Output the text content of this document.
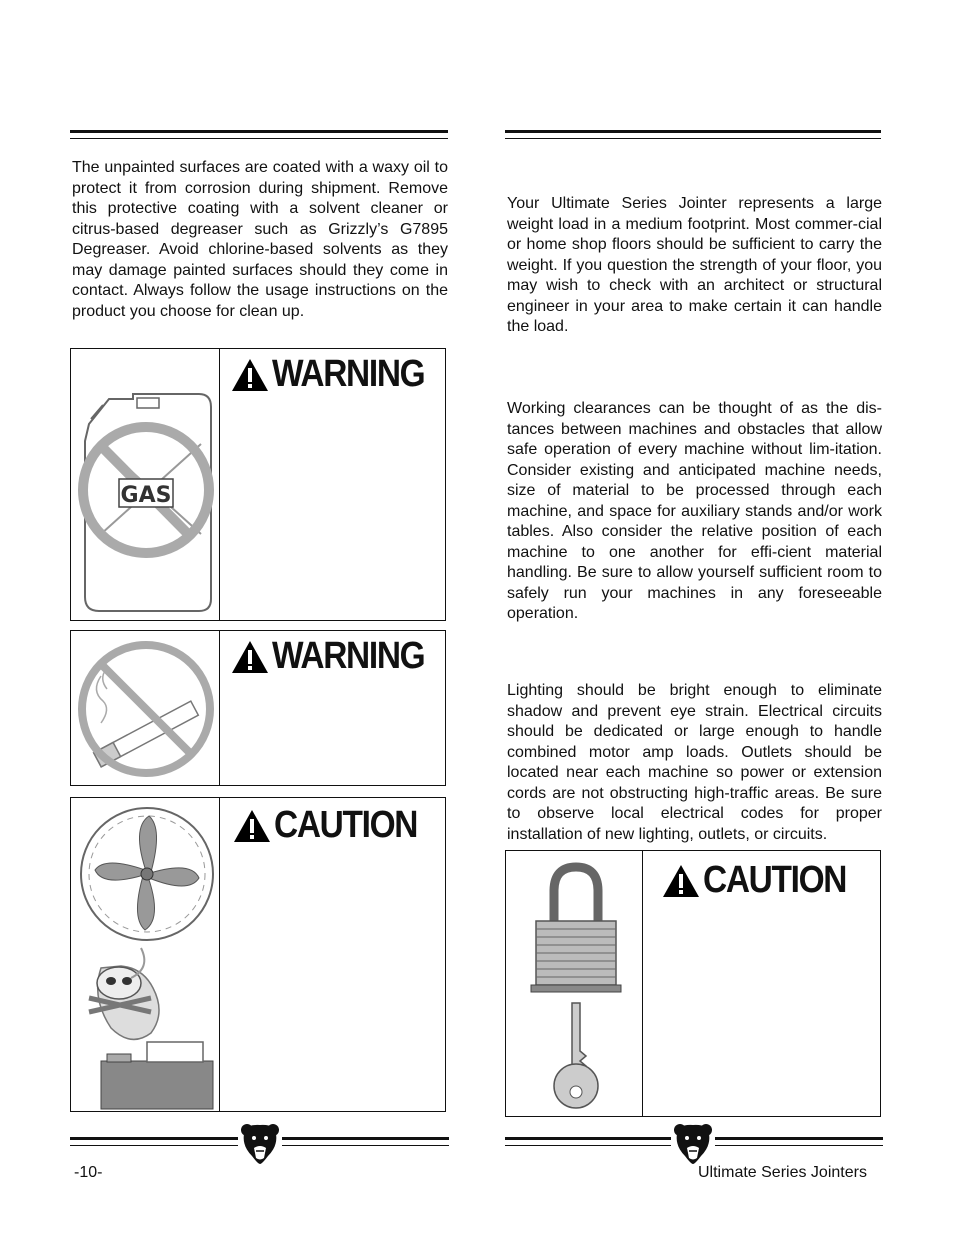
The unpainted surfaces are coated with a waxy oil to protect it from corrosion during shipment. Remove this protective coating with a solvent cleaner or citrus-based degreaser such as Grizzly’s G7895 Degreaser. Avoid chlorine-based solvents as they may damage painted surfaces should they come in contact. Always follow the usage instructions on the product you choose for clean up.

GAS
WARNING
WARNING
CAUTION

Your Ultimate Series Jointer represents a large weight load in a medium footprint. Most commer-cial or home shop floors should be sufficient to carry the weight. If you question the strength of your floor, you may wish to check with an architect or structural engineer in your area to make certain it can handle the load.

Working clearances can be thought of as the dis-tances between machines and obstacles that allow safe operation of every machine without lim-itation. Consider existing and anticipated machine needs, size of material to be processed through each machine, and space for auxiliary stands and/or work tables. Also consider the relative position of each machine to one another for effi-cient material handling. Be sure to allow yourself sufficient room to safely run your machines in any foreseeable operation.

Lighting should be bright enough to eliminate shadow and prevent eye strain. Electrical circuits should be dedicated or large enough to handle combined motor amp loads. Outlets should be located near each machine so power or extension cords are not obstructing high-traffic areas. Be sure to observe local electrical codes for proper installation of new lighting, outlets, or circuits.

CAUTION
-10-	Ultimate Series Jointers
